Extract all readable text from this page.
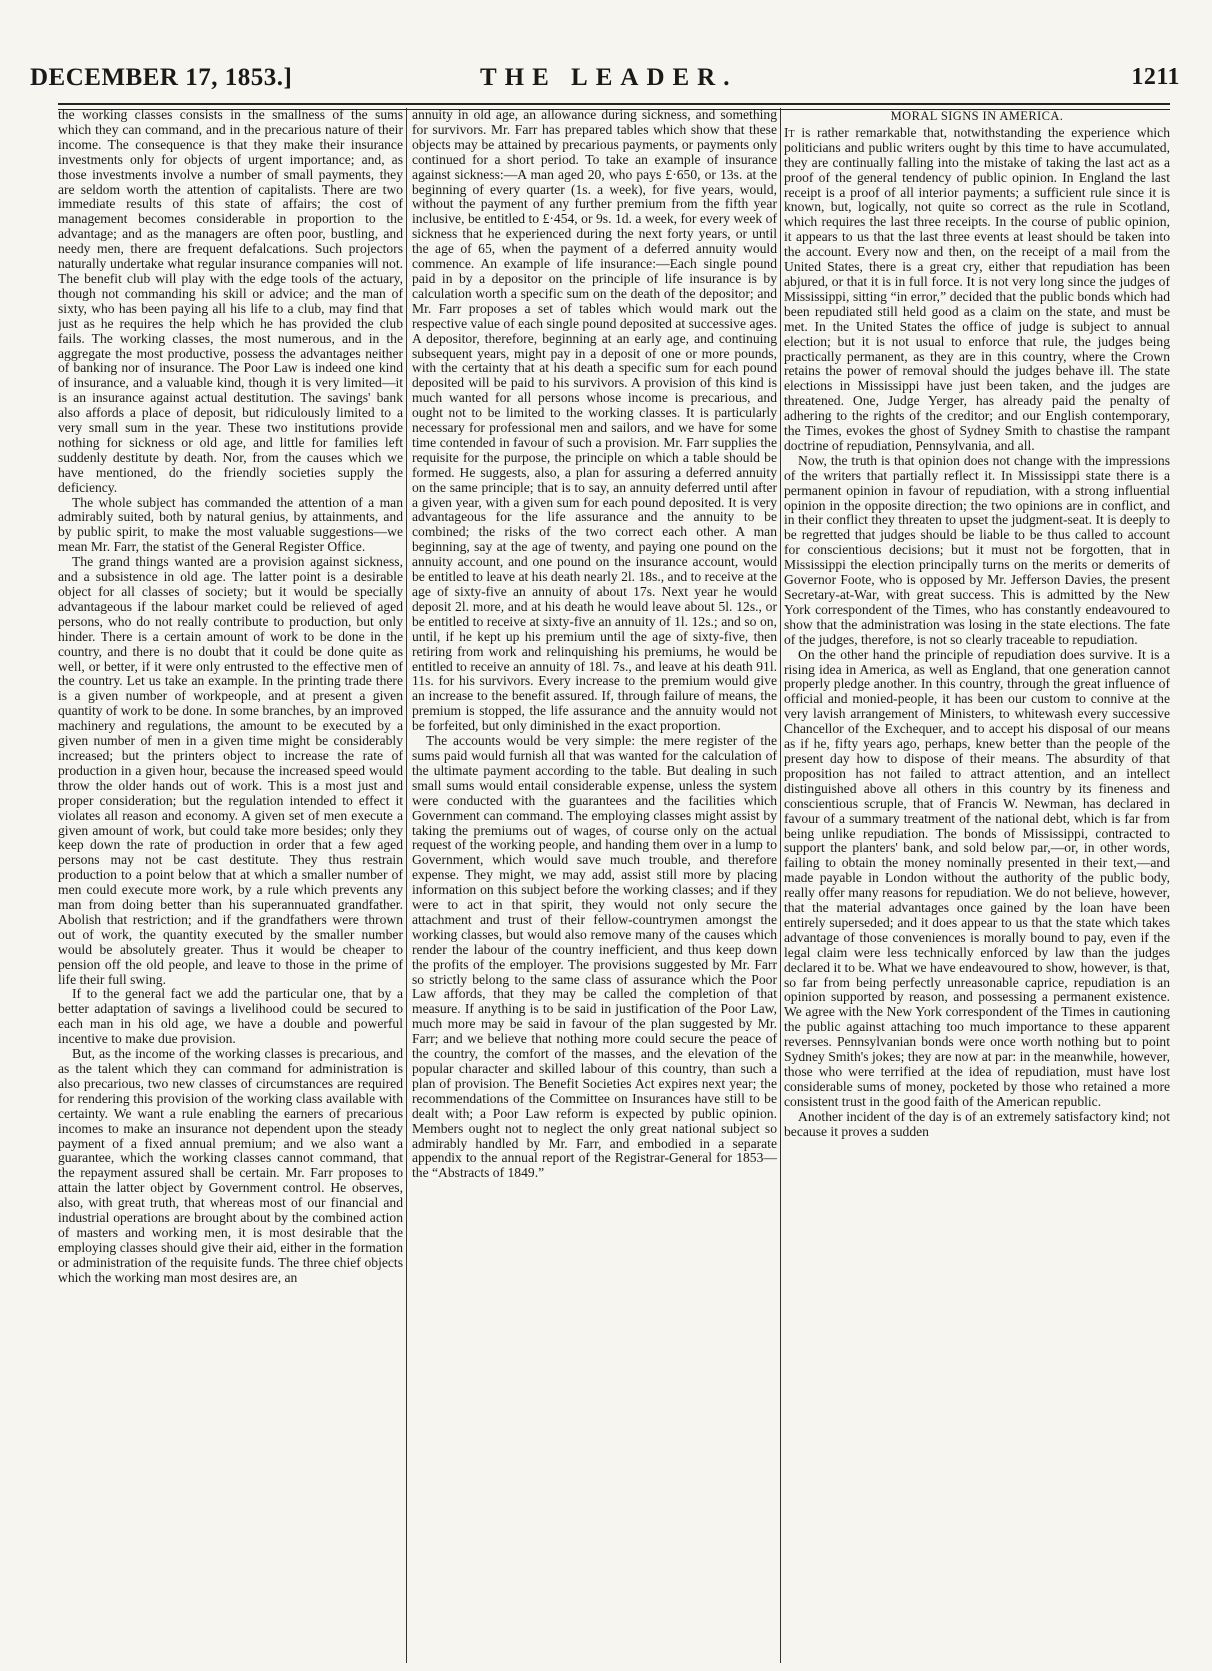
DECEMBER 17, 1853.]	THE LEADER.	1211

the working classes consists in the smallness of the sums which they can command, and in the precarious nature of their income. The consequence is that they make their insurance investments only for objects of urgent importance; and, as those investments involve a number of small payments, they are seldom worth the attention of capitalists. There are two immediate results of this state of affairs; the cost of management becomes considerable in proportion to the advantage; and as the managers are often poor, bustling, and needy men, there are frequent defalcations. Such projectors naturally undertake what regular insurance companies will not. The benefit club will play with the edge tools of the actuary, though not commanding his skill or advice; and the man of sixty, who has been paying all his life to a club, may find that just as he requires the help which he has provided the club fails. The working classes, the most numerous, and in the aggregate the most productive, possess the advantages neither of banking nor of insurance. The Poor Law is indeed one kind of insurance, and a valuable kind, though it is very limited—it is an insurance against actual destitution. The savings' bank also affords a place of deposit, but ridiculously limited to a very small sum in the year. These two institutions provide nothing for sickness or old age, and little for families left suddenly destitute by death. Nor, from the causes which we have mentioned, do the friendly societies supply the deficiency.

The whole subject has commanded the attention of a man admirably suited, both by natural genius, by attainments, and by public spirit, to make the most valuable suggestions—we mean Mr. Farr, the statist of the General Register Office.

The grand things wanted are a provision against sickness, and a subsistence in old age. The latter point is a desirable object for all classes of society; but it would be specially advantageous if the labour market could be relieved of aged persons, who do not really contribute to production, but only hinder. There is a certain amount of work to be done in the country, and there is no doubt that it could be done quite as well, or better, if it were only entrusted to the effective men of the country. Let us take an example. In the printing trade there is a given number of workpeople, and at present a given quantity of work to be done. In some branches, by an improved machinery and regulations, the amount to be executed by a given number of men in a given time might be considerably increased; but the printers object to increase the rate of production in a given hour, because the increased speed would throw the older hands out of work. This is a most just and proper consideration; but the regulation intended to effect it violates all reason and economy. A given set of men execute a given amount of work, but could take more besides; only they keep down the rate of production in order that a few aged persons may not be cast destitute. They thus restrain production to a point below that at which a smaller number of men could execute more work, by a rule which prevents any man from doing better than his superannuated grandfather. Abolish that restriction; and if the grandfathers were thrown out of work, the quantity executed by the smaller number would be absolutely greater. Thus it would be cheaper to pension off the old people, and leave to those in the prime of life their full swing.

If to the general fact we add the particular one, that by a better adaptation of savings a livelihood could be secured to each man in his old age, we have a double and powerful incentive to make due provision.

But, as the income of the working classes is precarious, and as the talent which they can command for administration is also precarious, two new classes of circumstances are required for rendering this provision of the working class available with certainty. We want a rule enabling the earners of precarious incomes to make an insurance not dependent upon the steady payment of a fixed annual premium; and we also want a guarantee, which the working classes cannot command, that the repayment assured shall be certain. Mr. Farr proposes to attain the latter object by Government control. He observes, also, with great truth, that whereas most of our financial and industrial operations are brought about by the combined action of masters and working men, it is most desirable that the employing classes should give their aid, either in the formation or administration of the requisite funds. The three chief objects which the working man most desires are, an

annuity in old age, an allowance during sickness, and something for survivors. Mr. Farr has prepared tables which show that these objects may be attained by precarious payments, or payments only continued for a short period. To take an example of insurance against sickness:—A man aged 20, who pays £·650, or 13s. at the beginning of every quarter (1s. a week), for five years, would, without the payment of any further premium from the fifth year inclusive, be entitled to £·454, or 9s. 1d. a week, for every week of sickness that he experienced during the next forty years, or until the age of 65, when the payment of a deferred annuity would commence. An example of life insurance:—Each single pound paid in by a depositor on the principle of life insurance is by calculation worth a specific sum on the death of the depositor; and Mr. Farr proposes a set of tables which would mark out the respective value of each single pound deposited at successive ages. A depositor, therefore, beginning at an early age, and continuing subsequent years, might pay in a deposit of one or more pounds, with the certainty that at his death a specific sum for each pound deposited will be paid to his survivors. A provision of this kind is much wanted for all persons whose income is precarious, and ought not to be limited to the working classes. It is particularly necessary for professional men and sailors, and we have for some time contended in favour of such a provision. Mr. Farr supplies the requisite for the purpose, the principle on which a table should be formed. He suggests, also, a plan for assuring a deferred annuity on the same principle; that is to say, an annuity deferred until after a given year, with a given sum for each pound deposited. It is very advantageous for the life assurance and the annuity to be combined; the risks of the two correct each other. A man beginning, say at the age of twenty, and paying one pound on the annuity account, and one pound on the insurance account, would be entitled to leave at his death nearly 2l. 18s., and to receive at the age of sixty-five an annuity of about 17s. Next year he would deposit 2l. more, and at his death he would leave about 5l. 12s., or be entitled to receive at sixty-five an annuity of 1l. 12s.; and so on, until, if he kept up his premium until the age of sixty-five, then retiring from work and relinquishing his premiums, he would be entitled to receive an annuity of 18l. 7s., and leave at his death 91l. 11s. for his survivors. Every increase to the premium would give an increase to the benefit assured. If, through failure of means, the premium is stopped, the life assurance and the annuity would not be forfeited, but only diminished in the exact proportion.

The accounts would be very simple: the mere register of the sums paid would furnish all that was wanted for the calculation of the ultimate payment according to the table. But dealing in such small sums would entail considerable expense, unless the system were conducted with the guarantees and the facilities which Government can command. The employing classes might assist by taking the premiums out of wages, of course only on the actual request of the working people, and handing them over in a lump to Government, which would save much trouble, and therefore expense. They might, we may add, assist still more by placing information on this subject before the working classes; and if they were to act in that spirit, they would not only secure the attachment and trust of their fellow-countrymen amongst the working classes, but would also remove many of the causes which render the labour of the country inefficient, and thus keep down the profits of the employer. The provisions suggested by Mr. Farr so strictly belong to the same class of assurance which the Poor Law affords, that they may be called the completion of that measure. If anything is to be said in justification of the Poor Law, much more may be said in favour of the plan suggested by Mr. Farr; and we believe that nothing more could secure the peace of the country, the comfort of the masses, and the elevation of the popular character and skilled labour of this country, than such a plan of provision. The Benefit Societies Act expires next year; the recommendations of the Committee on Insurances have still to be dealt with; a Poor Law reform is expected by public opinion. Members ought not to neglect the only great national subject so admirably handled by Mr. Farr, and embodied in a separate appendix to the annual report of the Registrar-General for 1853—the “Abstracts of 1849.”

MORAL SIGNS IN AMERICA.

It is rather remarkable that, notwithstanding the experience which politicians and public writers ought by this time to have accumulated, they are continually falling into the mistake of taking the last act as a proof of the general tendency of public opinion. In England the last receipt is a proof of all interior payments; a sufficient rule since it is known, but, logically, not quite so correct as the rule in Scotland, which requires the last three receipts. In the course of public opinion, it appears to us that the last three events at least should be taken into the account. Every now and then, on the receipt of a mail from the United States, there is a great cry, either that repudiation has been abjured, or that it is in full force. It is not very long since the judges of Mississippi, sitting “in error,” decided that the public bonds which had been repudiated still held good as a claim on the state, and must be met. In the United States the office of judge is subject to annual election; but it is not usual to enforce that rule, the judges being practically permanent, as they are in this country, where the Crown retains the power of removal should the judges behave ill. The state elections in Mississippi have just been taken, and the judges are threatened. One, Judge Yerger, has already paid the penalty of adhering to the rights of the creditor; and our English contemporary, the Times, evokes the ghost of Sydney Smith to chastise the rampant doctrine of repudiation, Pennsylvania, and all.

Now, the truth is that opinion does not change with the impressions of the writers that partially reflect it. In Mississippi state there is a permanent opinion in favour of repudiation, with a strong influential opinion in the opposite direction; the two opinions are in conflict, and in their conflict they threaten to upset the judgment-seat. It is deeply to be regretted that judges should be liable to be thus called to account for conscientious decisions; but it must not be forgotten, that in Mississippi the election principally turns on the merits or demerits of Governor Foote, who is opposed by Mr. Jefferson Davies, the present Secretary-at-War, with great success. This is admitted by the New York correspondent of the Times, who has constantly endeavoured to show that the administration was losing in the state elections. The fate of the judges, therefore, is not so clearly traceable to repudiation.

On the other hand the principle of repudiation does survive. It is a rising idea in America, as well as England, that one generation cannot properly pledge another. In this country, through the great influence of official and monied-people, it has been our custom to connive at the very lavish arrangement of Ministers, to whitewash every successive Chancellor of the Exchequer, and to accept his disposal of our means as if he, fifty years ago, perhaps, knew better than the people of the present day how to dispose of their means. The absurdity of that proposition has not failed to attract attention, and an intellect distinguished above all others in this country by its fineness and conscientious scruple, that of Francis W. Newman, has declared in favour of a summary treatment of the national debt, which is far from being unlike repudiation. The bonds of Mississippi, contracted to support the planters' bank, and sold below par,—or, in other words, failing to obtain the money nominally presented in their text,—and made payable in London without the authority of the public body, really offer many reasons for repudiation. We do not believe, however, that the material advantages once gained by the loan have been entirely superseded; and it does appear to us that the state which takes advantage of those conveniences is morally bound to pay, even if the legal claim were less technically enforced by law than the judges declared it to be. What we have endeavoured to show, however, is that, so far from being perfectly unreasonable caprice, repudiation is an opinion supported by reason, and possessing a permanent existence. We agree with the New York correspondent of the Times in cautioning the public against attaching too much importance to these apparent reverses. Pennsylvanian bonds were once worth nothing but to point Sydney Smith's jokes; they are now at par: in the meanwhile, however, those who were terrified at the idea of repudiation, must have lost considerable sums of money, pocketed by those who retained a more consistent trust in the good faith of the American republic.

Another incident of the day is of an extremely satisfactory kind; not because it proves a sudden
